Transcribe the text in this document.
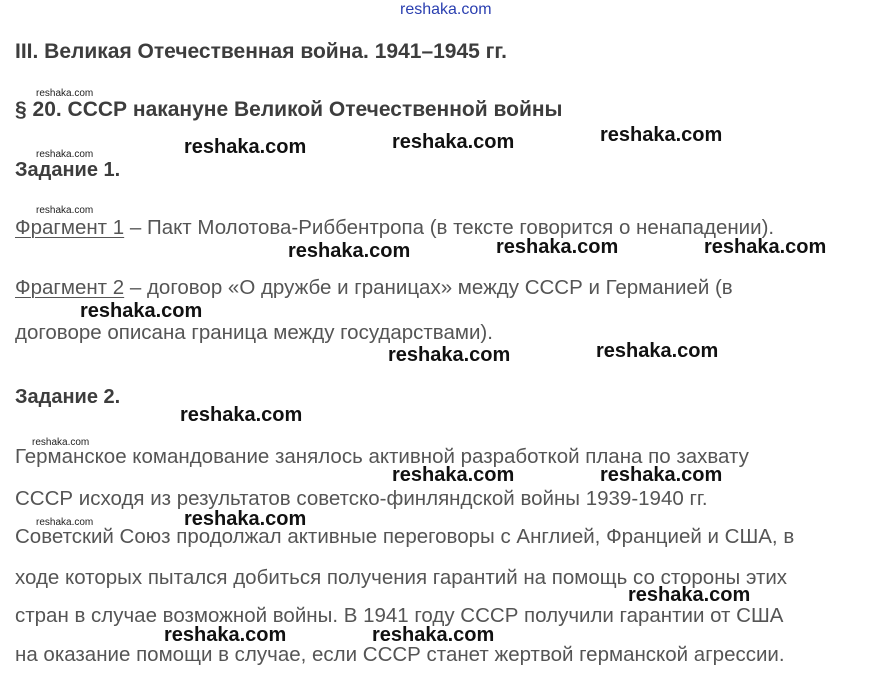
reshaka.com
III. Великая Отечественная война. 1941–1945 гг.
§ 20. СССР накануне Великой Отечественной войны
Задание 1.
Фрагмент 1 – Пакт Молотова-Риббентропа (в тексте говорится о ненападении).
Фрагмент 2 – договор «О дружбе и границах» между СССР и Германией (в
договоре описана граница между государствами).
Задание 2.
Германское командование занялось активной разработкой плана по захвату
СССР исходя из результатов советско-финляндской войны 1939-1940 гг.
Советский Союз продолжал активные переговоры с Англией, Францией и США, в
ходе которых пытался добиться получения гарантий на помощь со стороны этих
стран в случае возможной войны. В 1941 году СССР получили гарантии от США
на оказание помощи в случае, если СССР станет жертвой германской агрессии.
reshaka.com
reshaka.com
reshaka.com
reshaka.com
reshaka.com
reshaka.com	reshaka.com	reshaka.com
reshaka.com	reshaka.com	reshaka.com
reshaka.com
reshaka.com	reshaka.com
reshaka.com
reshaka.com	reshaka.com
reshaka.com
reshaka.com
reshaka.com	reshaka.com
